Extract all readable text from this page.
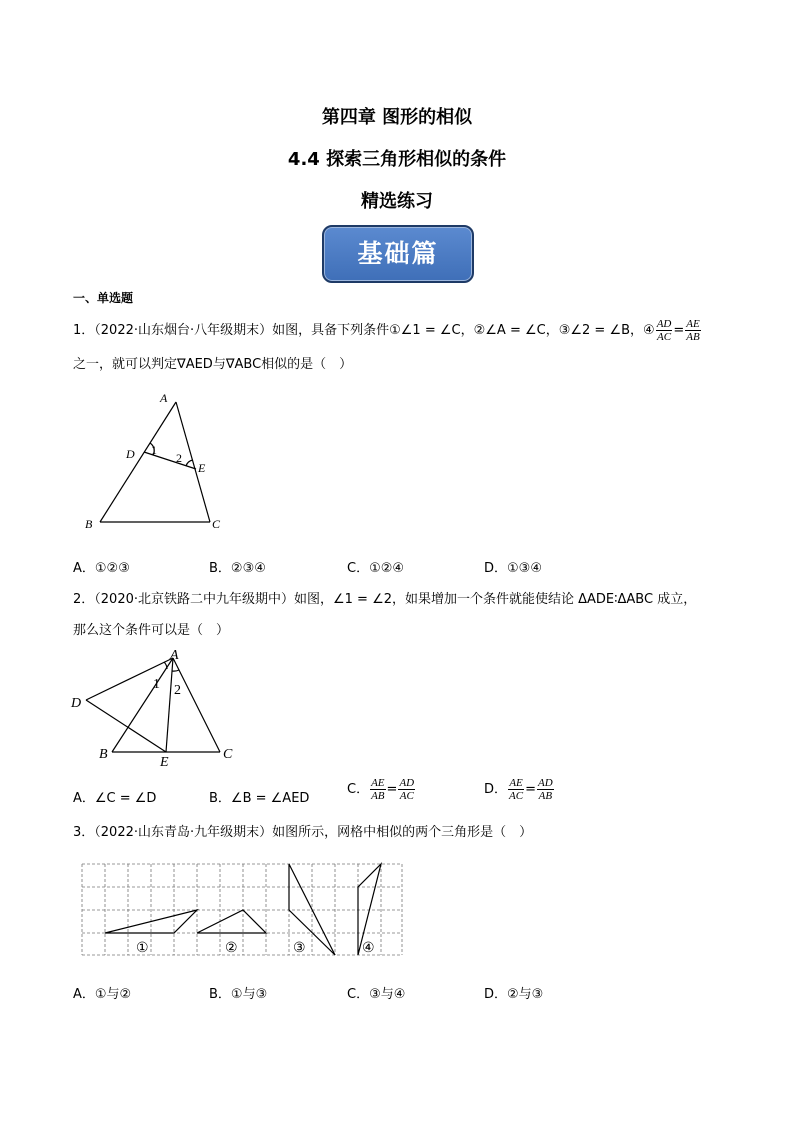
第四章 图形的相似
4.4 探索三角形相似的条件
精选练习
基础篇
一、单选题
1．（2022·山东烟台·八年级期末）如图，具备下列条件①∠1 = ∠C，②∠A = ∠C，③∠2 = ∠B，④ $\frac{AD}{AC} = \frac{AE}{AB}$
之一，就可以判定∇AED与∇ABC相似的是（　）
A
D 1
2
E
B	C
A．①②③	B．②③④	C．①②④	D．①③④
2．（2020·北京铁路二中九年级期中）如图，∠1 = ∠2，如果增加一个条件就能使结论 ΔADE∶ΔABC 成立，
那么这个条件可以是（　）
A
1 2
D
B
E
C
A．∠C = ∠D	B．∠B = ∠AED
C． $\frac{AE}{AB} = \frac{AD}{AC}$	D． $\frac{AE}{AC} = \frac{AD}{AB}$
3．（2022·山东青岛·九年级期末）如图所示，网格中相似的两个三角形是（　）
①	②	③	④
A．①与②	B．①与③	C．③与④	D．②与③
